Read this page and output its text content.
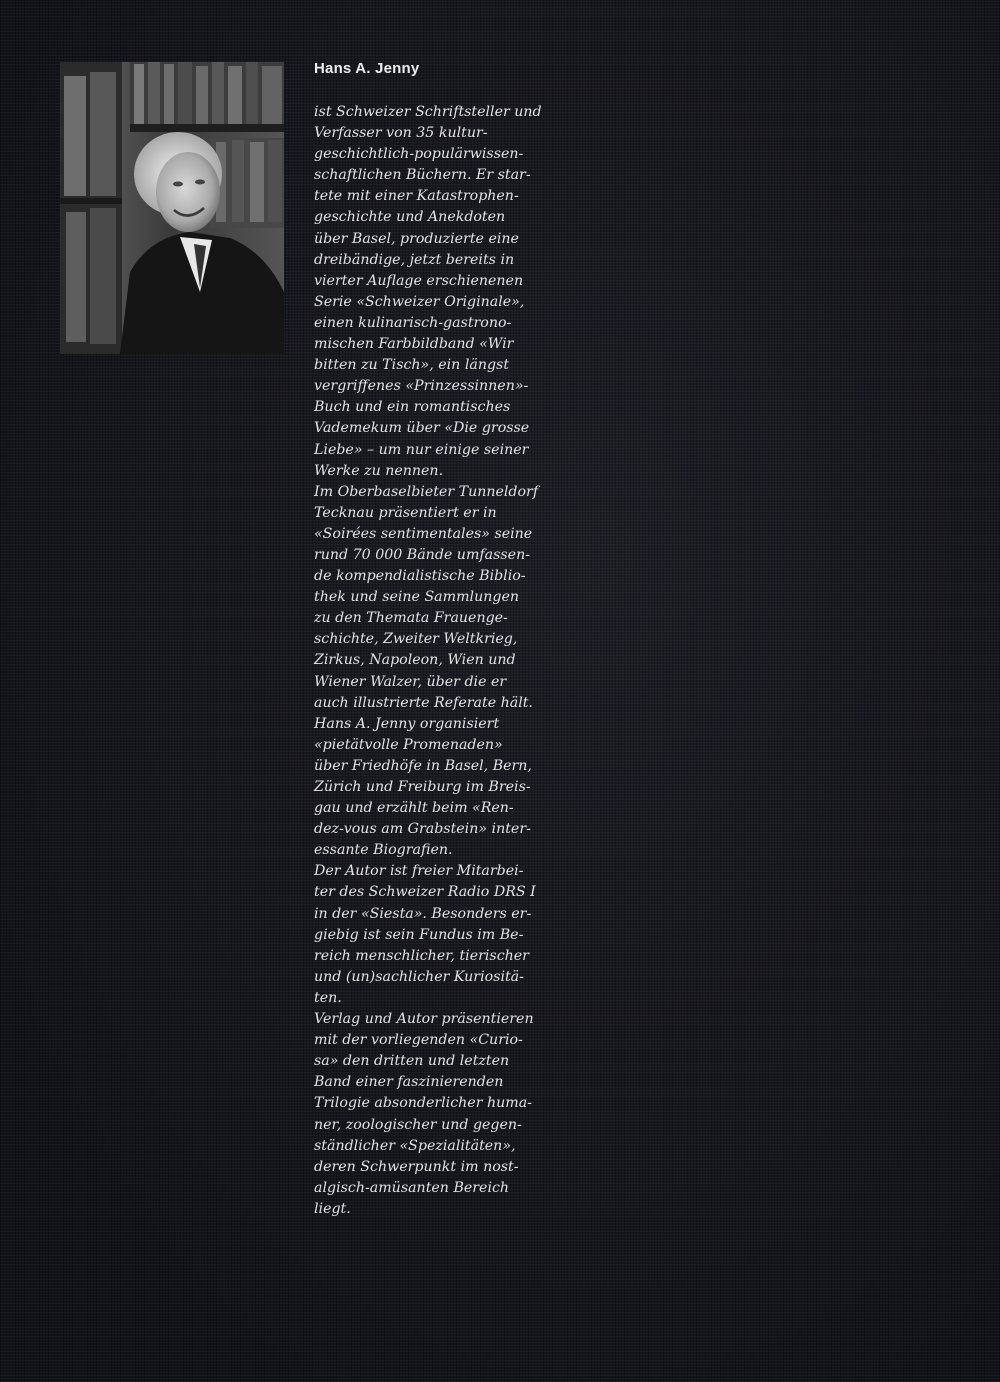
Hans A. Jenny
ist Schweizer Schriftsteller und
Verfasser von 35 kultur-
geschichtlich-populärwissen-
schaftlichen Büchern. Er star-
tete mit einer Katastrophen-
geschichte und Anekdoten
über Basel, produzierte eine
dreibändige, jetzt bereits in
vierter Auflage erschienenen
Serie «Schweizer Originale»,
einen kulinarisch-gastrono-
mischen Farbbildband «Wir
bitten zu Tisch», ein längst
vergriffenes «Prinzessinnen»-
Buch und ein romantisches
Vademekum über «Die grosse
Liebe» – um nur einige seiner
Werke zu nennen.
Im Oberbaselbieter Tunneldorf
Tecknau präsentiert er in
«Soirées sentimentales» seine
rund 70 000 Bände umfassen-
de kompendialistische Biblio-
thek und seine Sammlungen
zu den Themata Frauenge-
schichte, Zweiter Weltkrieg,
Zirkus, Napoleon, Wien und
Wiener Walzer, über die er
auch illustrierte Referate hält.
Hans A. Jenny organisiert
«pietätvolle Promenaden»
über Friedhöfe in Basel, Bern,
Zürich und Freiburg im Breis-
gau und erzählt beim «Ren-
dez-vous am Grabstein» inter-
essante Biografien.
Der Autor ist freier Mitarbei-
ter des Schweizer Radio DRS I
in der «Siesta». Besonders er-
giebig ist sein Fundus im Be-
reich menschlicher, tierischer
und (un)sachlicher Kuriositä-
ten.
Verlag und Autor präsentieren
mit der vorliegenden «Curio-
sa» den dritten und letzten
Band einer faszinierenden
Trilogie absonderlicher huma-
ner, zoologischer und gegen-
ständlicher «Spezialitäten»,
deren Schwerpunkt im nost-
algisch-amüsanten Bereich
liegt.
